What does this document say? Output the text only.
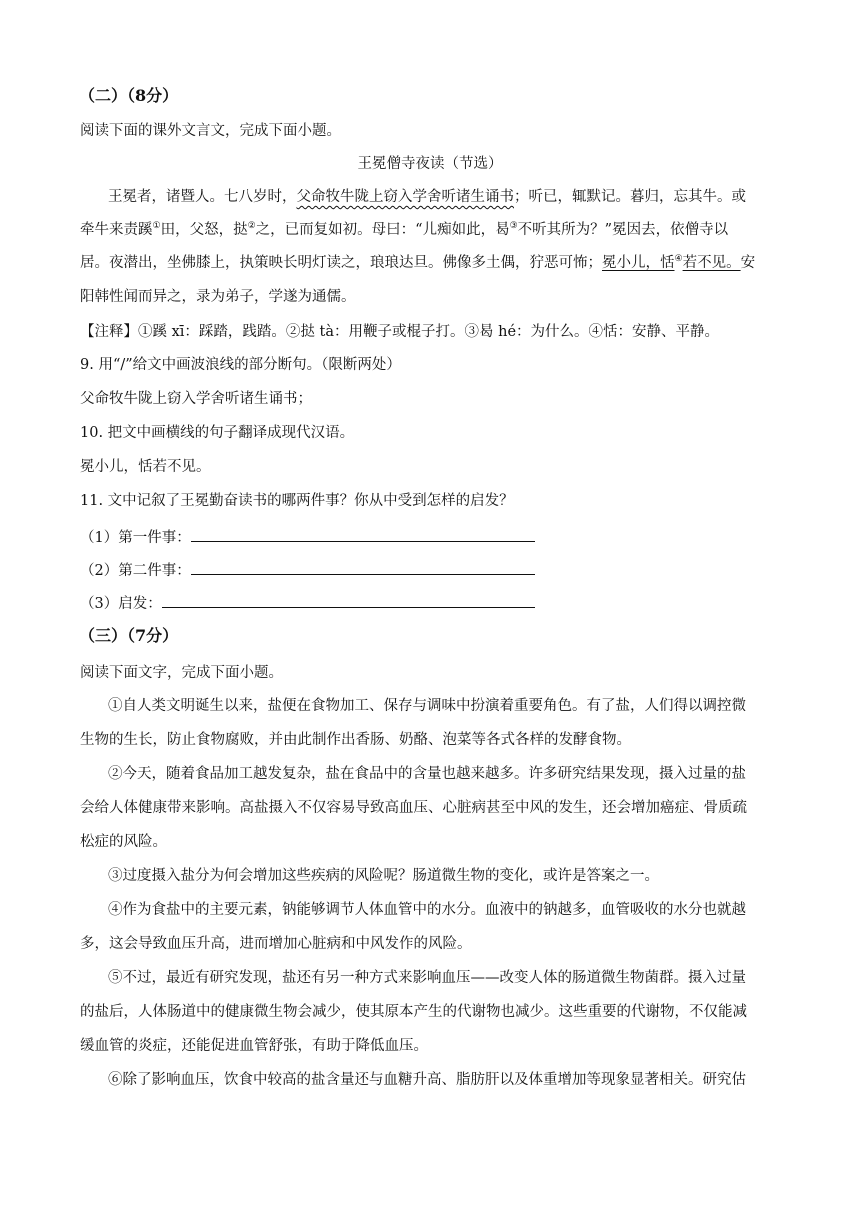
（二）（8分）
阅读下面的课外文言文，完成下面小题。
王冕僧寺夜读（节选）
王冕者，诸暨人。七八岁时，父命牧牛陇上窃入学舍听诸生诵书；听已，辄默记。暮归，忘其牛。或
牵牛来责蹊①田，父怒，挞②之，已而复如初。母曰：“儿痴如此，曷③不听其所为？”冕因去，依僧寺以
居。夜潜出，坐佛膝上，执策映长明灯读之，琅琅达旦。佛像多土偶，狞恶可怖；冕小儿，恬④若不见。安
阳韩性闻而异之，录为弟子，学遂为通儒。
【注释】①蹊 xī：踩踏，践踏。②挞 tà：用鞭子或棍子打。③曷 hé：为什么。④恬：安静、平静。
9. 用“/”给文中画波浪线的部分断句。（限断两处）
父命牧牛陇上窃入学舍听诸生诵书；
10. 把文中画横线的句子翻译成现代汉语。
冕小儿，恬若不见。
11. 文中记叙了王冕勤奋读书的哪两件事？你从中受到怎样的启发？
（1）第一件事：
（2）第二件事：
（3）启发：
（三）（7分）
阅读下面文字，完成下面小题。
①自人类文明诞生以来，盐便在食物加工、保存与调味中扮演着重要角色。有了盐，人们得以调控微
生物的生长，防止食物腐败，并由此制作出香肠、奶酪、泡菜等各式各样的发酵食物。
②今天，随着食品加工越发复杂，盐在食品中的含量也越来越多。许多研究结果发现，摄入过量的盐
会给人体健康带来影响。高盐摄入不仅容易导致高血压、心脏病甚至中风的发生，还会增加癌症、骨质疏
松症的风险。
③过度摄入盐分为何会增加这些疾病的风险呢？肠道微生物的变化，或许是答案之一。
④作为食盐中的主要元素，钠能够调节人体血管中的水分。血液中的钠越多，血管吸收的水分也就越
多，这会导致血压升高，进而增加心脏病和中风发作的风险。
⑤不过，最近有研究发现，盐还有另一种方式来影响血压——改变人体的肠道微生物菌群。摄入过量
的盐后，人体肠道中的健康微生物会减少，使其原本产生的代谢物也减少。这些重要的代谢物，不仅能减
缓血管的炎症，还能促进血管舒张，有助于降低血压。
⑥除了影响血压，饮食中较高的盐含量还与血糖升高、脂肪肝以及体重增加等现象显著相关。研究估
